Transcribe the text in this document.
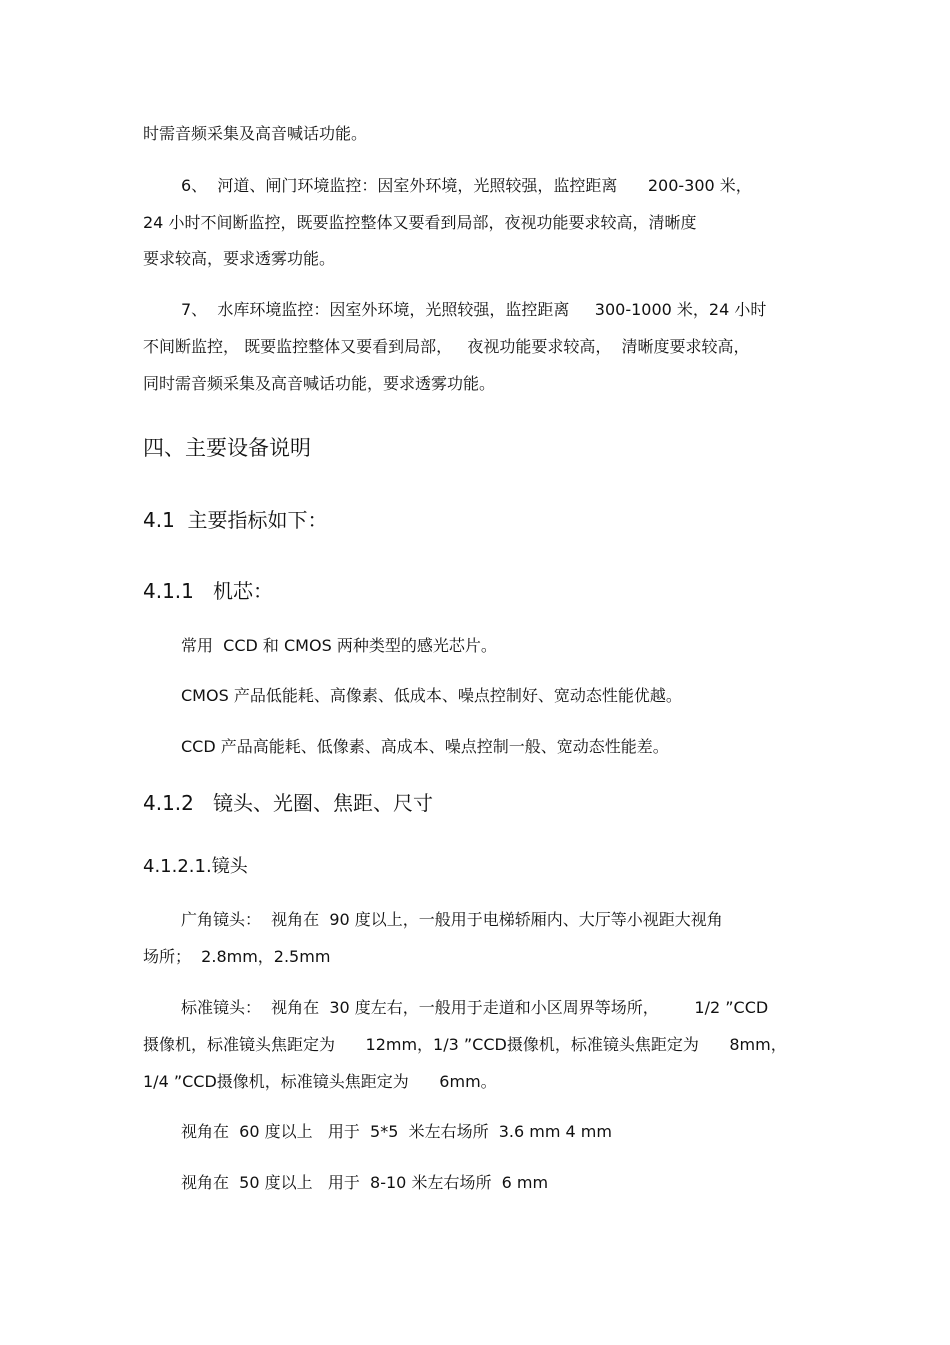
时需音频采集及高音喊话功能。
6、  河道、闸门环境监控：因室外环境，光照较强，监控距离      200-300 米，
24 小时不间断监控，既要监控整体又要看到局部，夜视功能要求较高，清晰度
要求较高，要求透雾功能。
7、  水库环境监控：因室外环境，光照较强，监控距离     300-1000 米，24 小时
不间断监控， 既要监控整体又要看到局部，   夜视功能要求较高，  清晰度要求较高，
同时需音频采集及高音喊话功能，要求透雾功能。
四、主要设备说明
4.1  主要指标如下：
4.1.1   机芯：
常用  CCD 和 CMOS 两种类型的感光芯片。
CMOS 产品低能耗、高像素、低成本、噪点控制好、宽动态性能优越。
CCD 产品高能耗、低像素、高成本、噪点控制一般、宽动态性能差。
4.1.2   镜头、光圈、焦距、尺寸
4.1.2.1.镜头
广角镜头：  视角在  90 度以上，一般用于电梯轿厢内、大厅等小视距大视角
场所；  2.8mm，2.5mm
标准镜头：  视角在  30 度左右，一般用于走道和小区周界等场所，       1/2 ”CCD
摄像机，标准镜头焦距定为      12mm，1/3 ”CCD摄像机，标准镜头焦距定为      8mm，
1/4 ”CCD摄像机，标准镜头焦距定为      6mm。
视角在  60 度以上   用于  5*5  米左右场所  3.6 mm 4 mm
视角在  50 度以上   用于  8-10 米左右场所  6 mm
